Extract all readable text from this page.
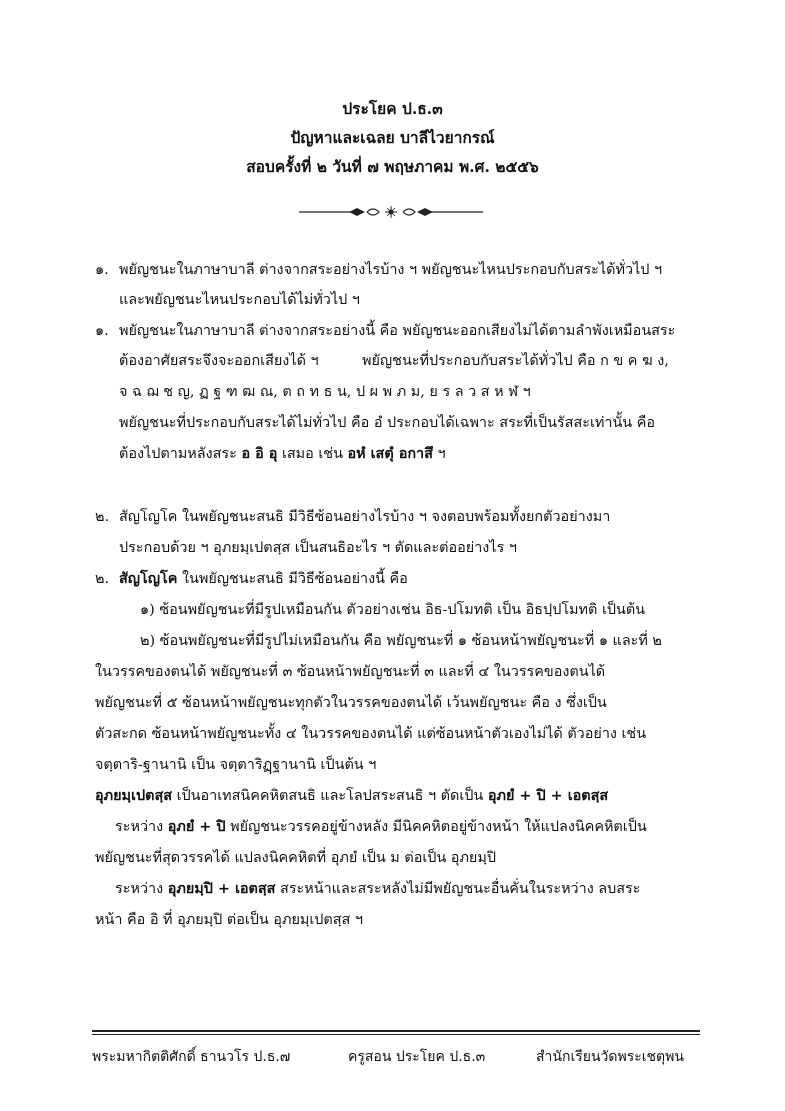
ประโยค ป.ธ.๓
ปัญหาและเฉลย บาลีไวยากรณ์
สอบครั้งที่ ๒ วันที่ ๗ พฤษภาคม พ.ศ. ๒๕๕๖
๑. พยัญชนะในภาษาบาลี ต่างจากสระอย่างไรบ้าง ฯ พยัญชนะไหนประกอบกับสระได้ทั่วไป ฯ
และพยัญชนะไหนประกอบได้ไม่ทั่วไป ฯ
๑. พยัญชนะในภาษาบาลี ต่างจากสระอย่างนี้ คือ พยัญชนะออกเสียงไม่ได้ตามลำพังเหมือนสระ
ต้องอาศัยสระจึงจะออกเสียงได้ ฯ	พยัญชนะที่ประกอบกับสระได้ทั่วไป คือ ก ข ค ฆ ง,
จ ฉ ฌ ช ญ, ฏ ฐ ฑ ฒ ณ, ต ถ ท ธ น, ป ผ พ ภ ม, ย ร ล ว ส ห ฬ ฯ
พยัญชนะที่ประกอบกับสระได้ไม่ทั่วไป คือ อํ ประกอบได้เฉพาะ สระที่เป็นรัสสะเท่านั้น คือ
ต้องไปตามหลังสระ อ อิ อุ เสมอ เช่น อหํ เสตุํ อกาสึ ฯ
๒. สัญโญโค ในพยัญชนะสนธิ มีวิธีซ้อนอย่างไรบ้าง ฯ จงตอบพร้อมทั้งยกตัวอย่างมา
ประกอบด้วย ฯ อุภยมฺเปตสฺส เป็นสนธิอะไร ฯ ตัดและต่ออย่างไร ฯ
๒. สัญโญโค ในพยัญชนะสนธิ มีวิธีซ้อนอย่างนี้ คือ
๑) ซ้อนพยัญชนะที่มีรูปเหมือนกัน ตัวอย่างเช่น อิธ-ปโมทติ เป็น อิธปฺปโมทติ เป็นต้น
๒) ซ้อนพยัญชนะที่มีรูปไม่เหมือนกัน คือ พยัญชนะที่ ๑ ซ้อนหน้าพยัญชนะที่ ๑ และที่ ๒
ในวรรคของตนได้ พยัญชนะที่ ๓ ซ้อนหน้าพยัญชนะที่ ๓ และที่ ๔ ในวรรคของตนได้
พยัญชนะที่ ๕ ซ้อนหน้าพยัญชนะทุกตัวในวรรคของตนได้ เว้นพยัญชนะ คือ ง ซึ่งเป็น
ตัวสะกด ซ้อนหน้าพยัญชนะทั้ง ๔ ในวรรคของตนได้ แต่ซ้อนหน้าตัวเองไม่ได้ ตัวอย่าง เช่น
จตฺตาริ-ฐานานิ เป็น จตฺตาริฏฺฐานานิ เป็นต้น ฯ
อุภยมฺเปตสฺส เป็นอาเทสนิคคหิตสนธิ และโลปสระสนธิ ฯ ตัดเป็น อุภยํ + ปิ + เอตสฺส
ระหว่าง อุภยํ + ปิ พยัญชนะวรรคอยู่ข้างหลัง มีนิคคหิตอยู่ข้างหน้า ให้แปลงนิคคหิตเป็น
พยัญชนะที่สุดวรรคได้ แปลงนิคคหิตที่ อุภยํ เป็น ม ต่อเป็น อุภยมฺปิ
ระหว่าง อุภยมฺปิ + เอตสฺส สระหน้าและสระหลังไม่มีพยัญชนะอื่นคั่นในระหว่าง ลบสระ
หน้า คือ อิ ที่ อุภยมฺปิ ต่อเป็น อุภยมฺเปตสฺส ฯ
พระมหากิตติศักดิ์ ธานวโร ป.ธ.๗	ครูสอน ประโยค ป.ธ.๓	สำนักเรียนวัดพระเชตุพน
